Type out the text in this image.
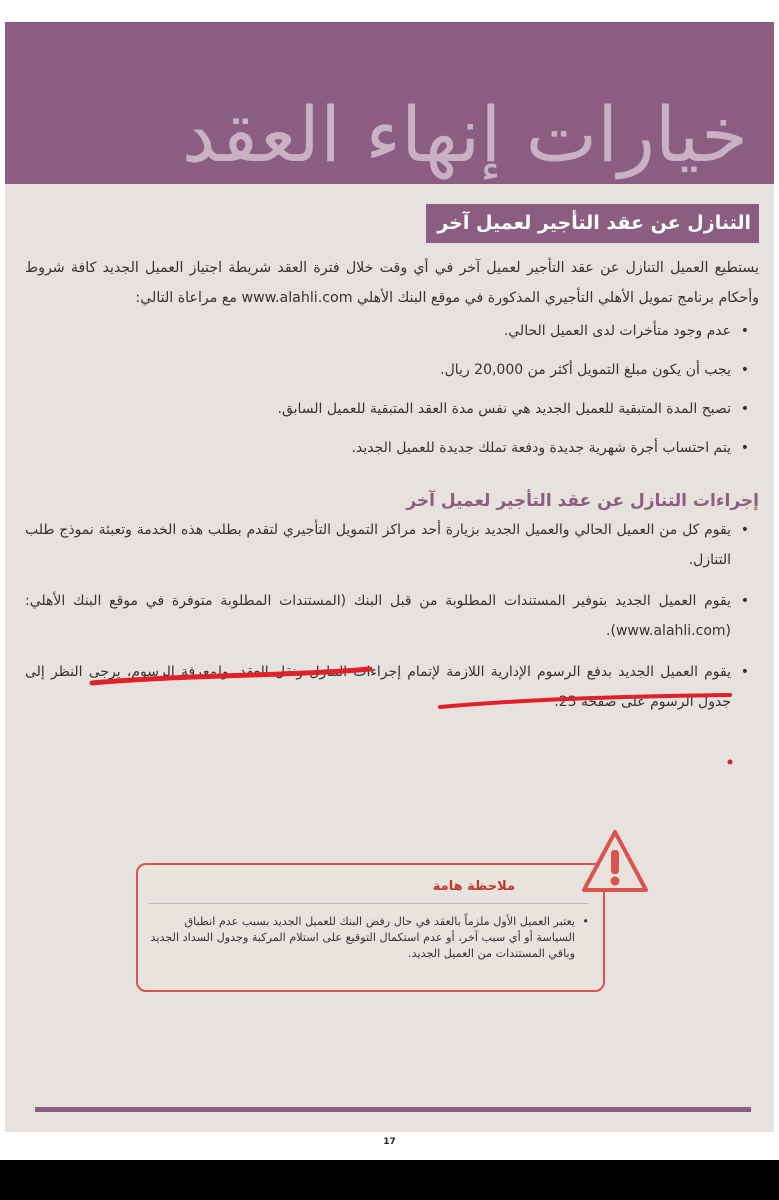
خيارات إنهاء العقد
التنازل عن عقد التأجير لعميل آخر

يستطيع العميل التنازل عن عقد التأجير لعميل آخر في أي وقت خلال فترة العقد شريطة اجتياز العميل الجديد كافة شروط وأحكام برنامج تمويل الأهلي التأجيري المذكورة في موقع البنك الأهلي www.alahli.com مع مراعاة التالي:

•
عدم وجود متأخرات لدى العميل الحالي.
•
يجب أن يكون مبلغ التمويل أكثر من 20,000 ريال.
•
تصبح المدة المتبقية للعميل الجديد هي نفس مدة العقد المتبقية للعميل السابق.
•
يتم احتساب أجرة شهرية جديدة ودفعة تملك جديدة للعميل الجديد.
إجراءات التنازل عن عقد التأجير لعميل آخر
•
يقوم كل من العميل الحالي والعميل الجديد بزيارة أحد مراكز التمويل التأجيري لتقدم بطلب هذه الخدمة وتعبئة نموذج طلب التنازل.
•
يقوم العميل الجديد بتوفير المستندات المطلوبة من قبل البنك (المستندات المطلوبة متوفرة في موقع البنك الأهلي: (www.alahli.com).
•
يقوم العميل الجديد بدفع الرسوم الإدارية اللازمة لإتمام إجراءات التنازل ونقل العقد. ولمعرفة الرسوم، يرجى النظر إلى جدول الرسوم على صفحة 23.
ملاحظة هامة
•
يعتبر العميل الأول ملزماً بالعقد في حال رفض البنك للعميل الجديد بسبب عدم انطباق السياسة أو أي سبب آخر، أو عدم استكمال التوقيع على استلام المركبة وجدول السداد الجديد وباقي المستندات من العميل الجديد.
17
